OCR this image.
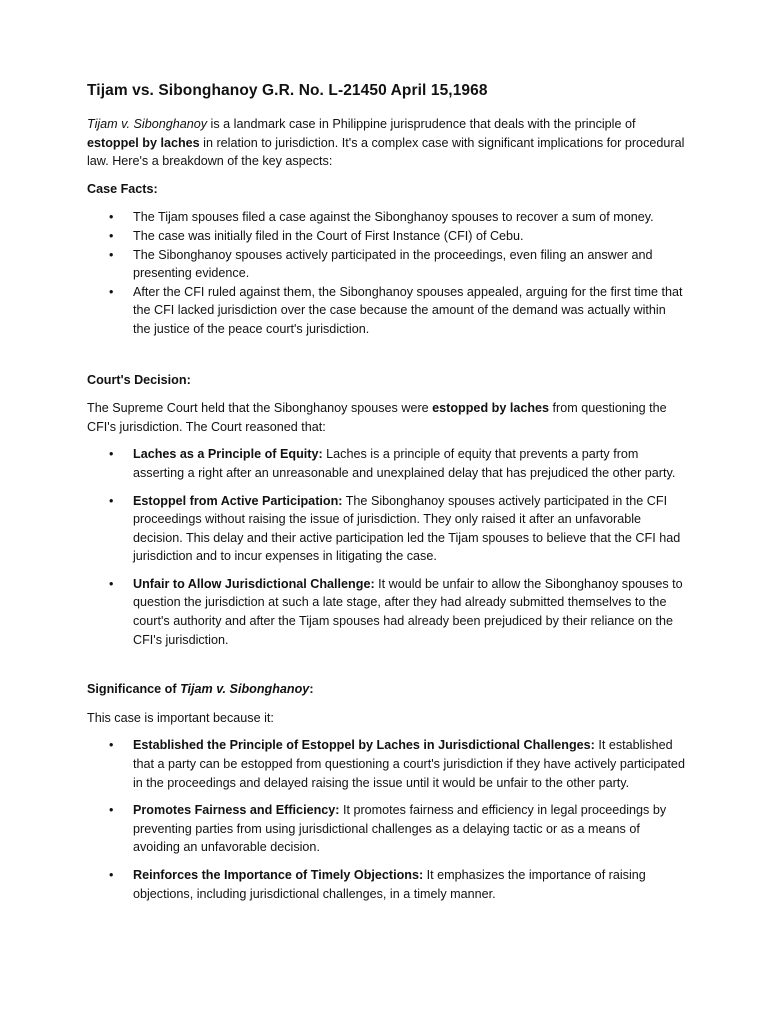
Tijam vs. Sibonghanoy G.R. No. L-21450 April 15,1968

Tijam v. Sibonghanoy is a landmark case in Philippine jurisprudence that deals with the principle of estoppel by laches in relation to jurisdiction. It's a complex case with significant implications for procedural law. Here's a breakdown of the key aspects:

Case Facts:

• The Tijam spouses filed a case against the Sibonghanoy spouses to recover a sum of money.
• The case was initially filed in the Court of First Instance (CFI) of Cebu.
• The Sibonghanoy spouses actively participated in the proceedings, even filing an answer and presenting evidence.
• After the CFI ruled against them, the Sibonghanoy spouses appealed, arguing for the first time that the CFI lacked jurisdiction over the case because the amount of the demand was actually within the justice of the peace court's jurisdiction.

Court's Decision:

The Supreme Court held that the Sibonghanoy spouses were estopped by laches from questioning the CFI's jurisdiction. The Court reasoned that:

• Laches as a Principle of Equity: Laches is a principle of equity that prevents a party from asserting a right after an unreasonable and unexplained delay that has prejudiced the other party.
• Estoppel from Active Participation: The Sibonghanoy spouses actively participated in the CFI proceedings without raising the issue of jurisdiction. They only raised it after an unfavorable decision. This delay and their active participation led the Tijam spouses to believe that the CFI had jurisdiction and to incur expenses in litigating the case.
• Unfair to Allow Jurisdictional Challenge: It would be unfair to allow the Sibonghanoy spouses to question the jurisdiction at such a late stage, after they had already submitted themselves to the court's authority and after the Tijam spouses had already been prejudiced by their reliance on the CFI's jurisdiction.

Significance of Tijam v. Sibonghanoy:

This case is important because it:

• Established the Principle of Estoppel by Laches in Jurisdictional Challenges: It established that a party can be estopped from questioning a court's jurisdiction if they have actively participated in the proceedings and delayed raising the issue until it would be unfair to the other party.
• Promotes Fairness and Efficiency: It promotes fairness and efficiency in legal proceedings by preventing parties from using jurisdictional challenges as a delaying tactic or as a means of avoiding an unfavorable decision.
• Reinforces the Importance of Timely Objections: It emphasizes the importance of raising objections, including jurisdictional challenges, in a timely manner.
